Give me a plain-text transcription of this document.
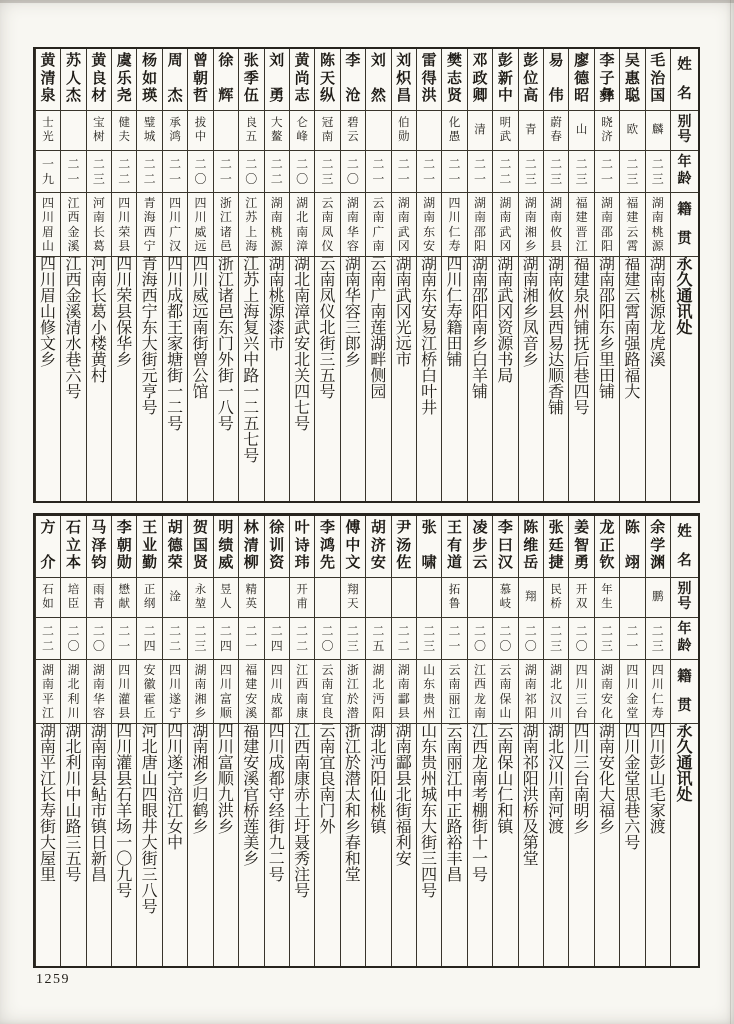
姓
名
别
号
年
龄
籍
贯
永
久
通
讯
处
毛
治
国
麟
二
三
湖
南
桃
源
湖
南
桃
源
龙
虎
溪
吴
惠
聪
欧
二
三
福
建
云
霄
福
建
云
霄
南
强
路
福
大
李
子
彝
晓
济
二
一
湖
南
邵
阳
湖
南
邵
阳
东
乡
里
田
铺
廖
德
昭
山
二
三
福
建
晋
江
福
建
泉
州
铺
抚
后
巷
四
号
易
伟
蔚
春
二
三
湖
南
攸
县
湖
南
攸
县
西
易
达
顺
香
铺
彭
位
高
青
二
三
湖
南
湘
乡
湖
南
湘
乡
凤
音
乡
彭
新
中
明
武
二
二
湖
南
武
冈
湖
南
武
冈
资
源
书
局
邓
政
卿
清
二
一
湖
南
邵
阳
湖
南
邵
阳
南
乡
白
羊
铺
樊
志
贤
化
愚
二
一
四
川
仁
寿
四
川
仁
寿
籍
田
铺
雷
得
洪
二
一
湖
南
东
安
湖
南
东
安
易
江
桥
白
叶
井
刘
炽
昌
伯
勋
二
一
湖
南
武
冈
湖
南
武
冈
光
远
市
刘
然
二
一
云
南
广
南
云
南
广
南
莲
湖
畔
侧
园
李
沧
碧
云
二
〇
湖
南
华
容
湖
南
华
容
三
郎
乡
陈
天
纵
冠
南
二
三
云
南
凤
仪
云
南
凤
仪
北
街
三
五
号
黄
尚
志
仑
峰
二
〇
湖
北
南
漳
湖
北
南
漳
武
安
北
关
四
七
号
刘
勇
大
鳌
二
二
湖
南
桃
源
湖
南
桃
源
漆
市
张
季
伍
良
五
二
〇
江
苏
上
海
江
苏
上
海
复
兴
中
路
一
二
五
七
号
徐
辉
二
一
浙
江
诸
邑
浙
江
诸
邑
东
门
外
街
一
八
号
曾
朝
哲
拔
中
二
〇
四
川
威
远
四
川
威
远
南
街
曾
公
馆
周
杰
承
鸿
二
一
四
川
广
汉
四
川
成
都
王
家
塘
街
一
二
号
杨
如
瑛
璧
城
二
二
青
海
西
宁
青
海
西
宁
东
大
街
元
亨
号
虞
乐
尧
健
夫
二
二
四
川
荣
县
四
川
荣
县
保
华
乡
黄
良
材
宝
树
二
三
河
南
长
葛
河
南
长
葛
小
楼
黄
村
苏
人
杰
二
一
江
西
金
溪
江
西
金
溪
清
水
巷
六
号
黄
清
泉
士
光
一
九
四
川
眉
山
四
川
眉
山
修
文
乡
姓
名
别
号
年
龄
籍
贯
永
久
通
讯
处
余
学
渊
鹏
二
三
四
川
仁
寿
四
川
彭
山
毛
家
渡
陈
翊
二
一
四
川
金
堂
四
川
金
堂
思
巷
六
号
龙
正
钦
年
生
二
三
湖
南
安
化
湖
南
安
化
大
福
乡
姜
智
勇
开
双
二
〇
四
川
三
台
四
川
三
台
南
明
乡
张
廷
捷
民
桥
二
三
湖
北
汉
川
湖
北
汉
川
南
河
渡
陈
维
岳
翔
二
〇
湖
南
祁
阳
湖
南
祁
阳
洪
桥
及
第
堂
李
曰
汉
慕
岐
二
〇
云
南
保
山
云
南
保
山
仁
和
镇
凌
步
云
二
〇
江
西
龙
南
江
西
龙
南
考
棚
街
十
一
号
王
有
道
拓
鲁
二
一
云
南
丽
江
云
南
丽
江
中
正
路
裕
丰
昌
张
啸
二
三
山
东
贵
州
山
东
贵
州
城
东
大
街
三
四
号
尹
汤
佐
二
二
湖
南
酃
县
湖
南
酃
县
北
街
福
利
安
胡
济
安
二
五
湖
北
沔
阳
湖
北
沔
阳
仙
桃
镇
傅
中
文
翔
天
二
三
浙
江
於
潜
浙
江
於
潜
太
和
乡
春
和
堂
李
鸿
先
二
〇
云
南
宜
良
云
南
宜
良
南
门
外
叶
诗
玮
开
甫
二
二
江
西
南
康
江
西
南
康
赤
土
圩
聂
秀
注
号
徐
训
资
二
四
四
川
成
都
四
川
成
都
守
经
街
九
二
号
林
清
柳
精
英
二
一
福
建
安
溪
福
建
安
溪
官
桥
莲
美
乡
明
绩
威
昱
人
二
四
四
川
富
顺
四
川
富
顺
九
洪
乡
贺
国
贤
永
堃
二
三
湖
南
湘
乡
湖
南
湘
乡
归
鹤
乡
胡
德
荣
淦
二
二
四
川
遂
宁
四
川
遂
宁
涪
江
女
中
王
业
勤
正
纲
二
四
安
徽
霍
丘
河
北
唐
山
四
眼
井
大
街
三
八
号
李
朝
勋
懋
献
二
一
四
川
灌
县
四
川
灌
县
石
羊
场
一
〇
九
号
马
泽
钧
雨
青
二
〇
湖
南
华
容
湖
南
南
县
鲇
市
镇
日
新
昌
石
立
本
培
臣
二
〇
湖
北
利
川
湖
北
利
川
中
山
路
三
五
号
方
介
石
如
二
二
湖
南
平
江
湖
南
平
江
长
寿
街
大
屋
里
1259
